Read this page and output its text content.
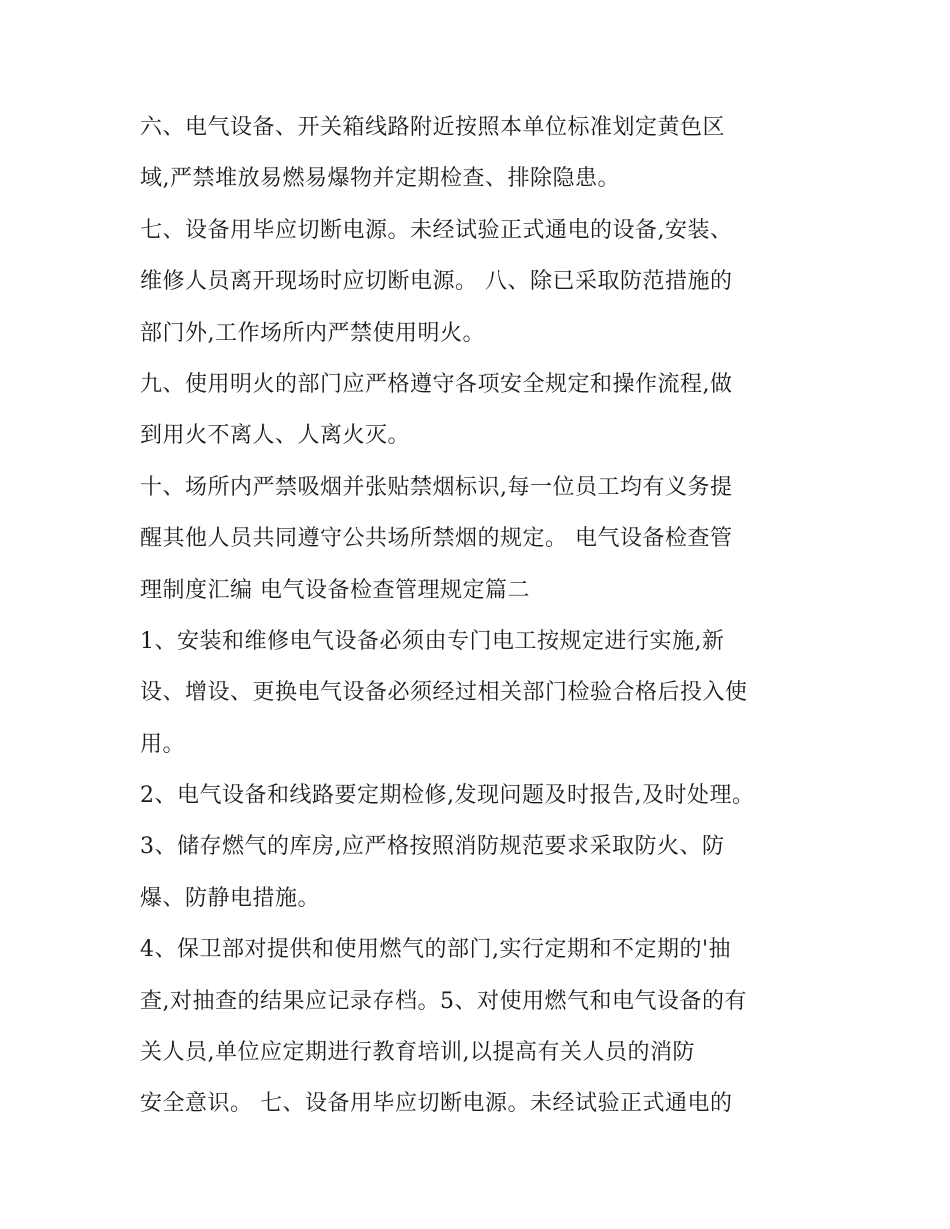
六、电气设备、开关箱线路附近按照本单位标准划定黄色区
域,严禁堆放易燃易爆物并定期检查、排除隐患。
七、设备用毕应切断电源。未经试验正式通电的设备,安装、
维修人员离开现场时应切断电源。 八、除已采取防范措施的
部门外,工作场所内严禁使用明火。
九、使用明火的部门应严格遵守各项安全规定和操作流程,做
到用火不离人、人离火灭。
十、场所内严禁吸烟并张贴禁烟标识,每一位员工均有义务提
醒其他人员共同遵守公共场所禁烟的规定。 电气设备检查管
理制度汇编 电气设备检查管理规定篇二
1、安装和维修电气设备必须由专门电工按规定进行实施,新
设、增设、更换电气设备必须经过相关部门检验合格后投入使
用。
2、电气设备和线路要定期检修,发现问题及时报告,及时处理。
3、储存燃气的库房,应严格按照消防规范要求采取防火、防
爆、防静电措施。
4、保卫部对提供和使用燃气的部门,实行定期和不定期的'抽
查,对抽查的结果应记录存档。5、对使用燃气和电气设备的有
关人员,单位应定期进行教育培训,以提高有关人员的消防
安全意识。 七、设备用毕应切断电源。未经试验正式通电的
